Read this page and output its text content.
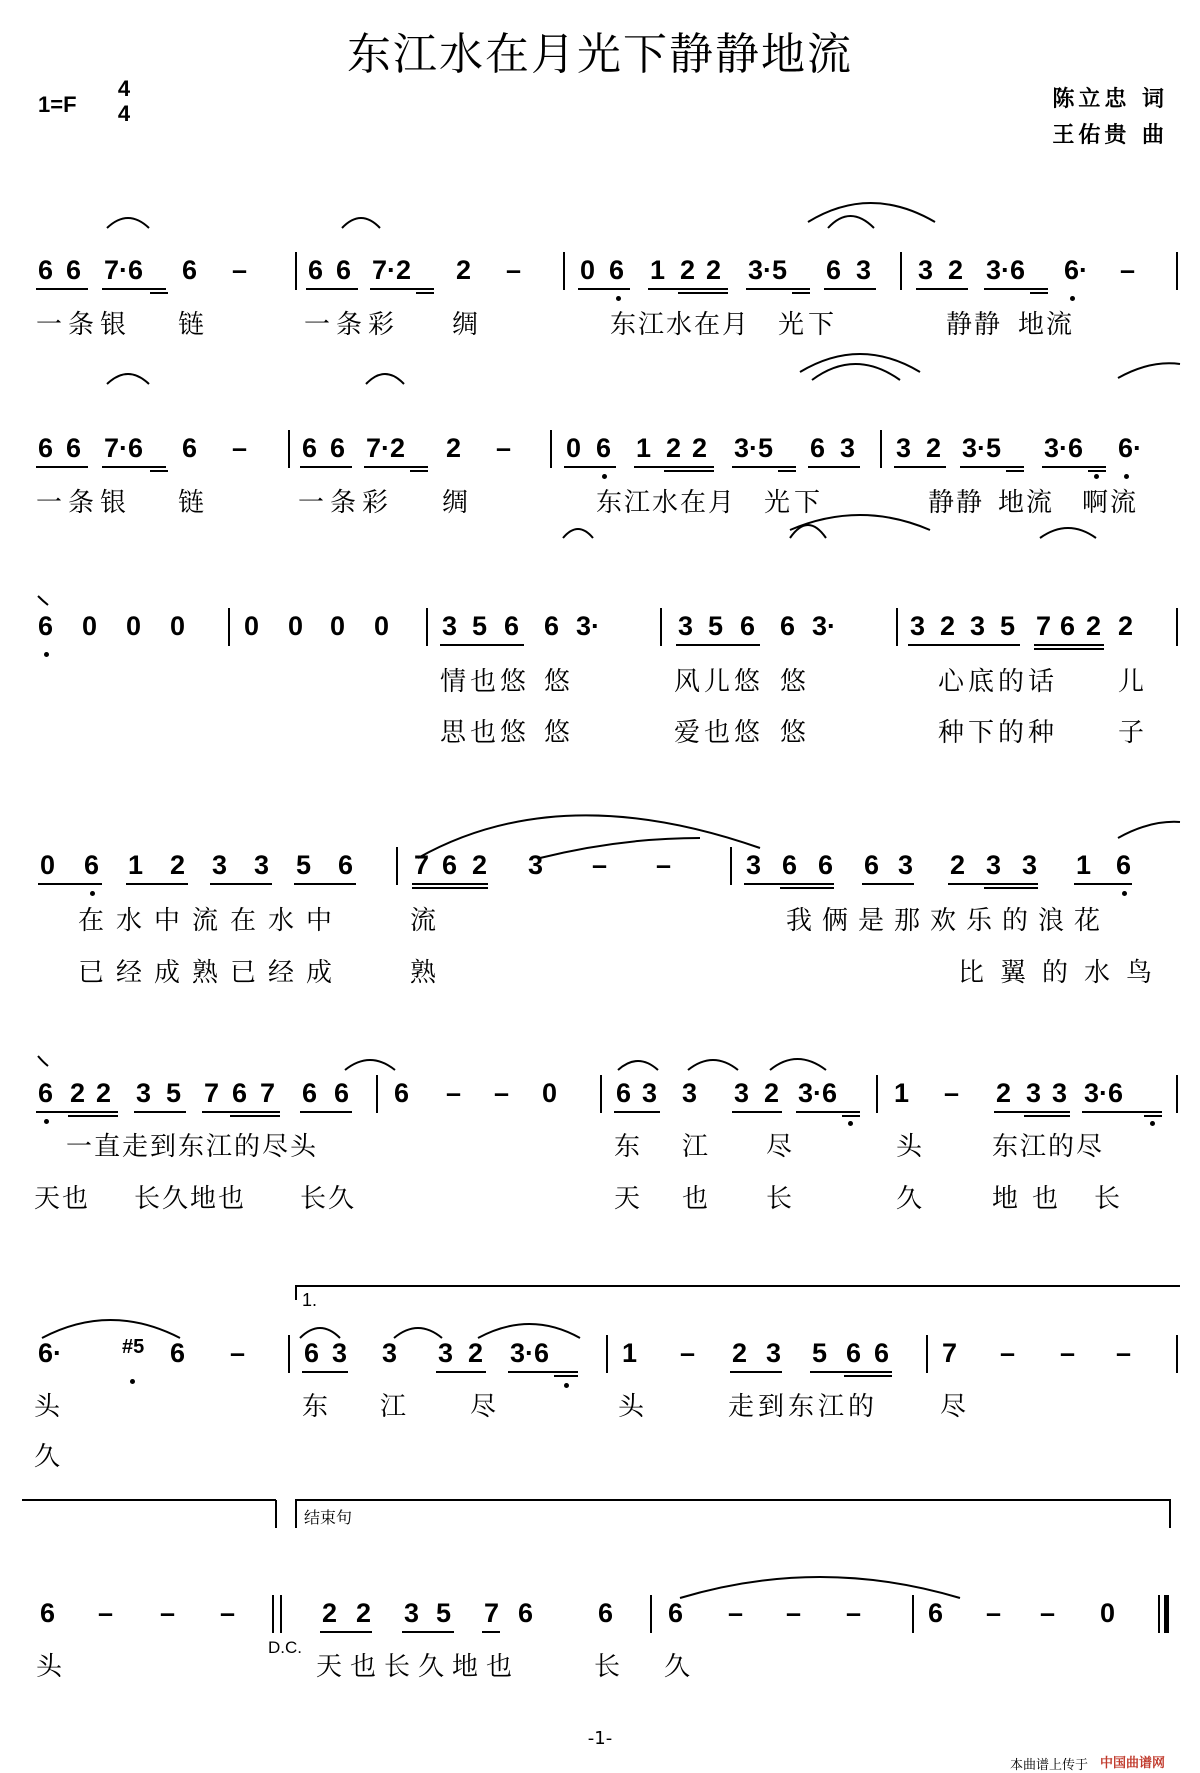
东江水在月光下静静地流
1=F
4
4
陈立忠 词
王佑贵 曲
6 6 7·6 6 – 6 6 7·2 2 – 0 6 1 2 2 3·5 6 3 3 2 3·6 6· –
一条银 链	一条彩 绸	东江水在月 光下	静静 地流
6 6 7·6 6 – 6 6 7·2 2 – 0 6 1 2 2 3·5 6 3 3 2 3·5 3·6 6·
一条银 链	一条彩 绸	东江水在月 光下	静静 地流 啊流
6 0 0 0 0 0 0 0 3 5 6 6 3·	3 5 6 6 3·	3 2 3 5 7 6 2 2
情也悠 悠	风儿悠 悠	心底的话 儿
思也悠 悠	爱也悠 悠	种下的种 子
0 6 1 2 3 3 5 6 7 6 2 3 – –	3 6 6 6 3 2 3 3 1 6
在水中流在水中	流	我俩是那欢乐的浪花
已经成熟已经成	熟	比翼的水鸟
6 2 2 3 5 7 6 7 6 6 6 – – 0 6 3 3 3 2 3·6 1 – 2 3 3 3·6
一直走到东江的尽头	东 江 尽	头	东江的尽
天也 长久地也 长久	天 也 长	久	地也 长
1.
6·	#5 6 – 6 3 3 3 2 3·6	1 – 2 3 5 6 6 7 – – –
头	东 江 尽	头	走到东江的 尽
久
结束句
6 – – –
D.C.
2 2 3 5 7 6 6 6 – – – 6 – – 0
头	天也长久地也	长 久
-1-
本曲谱上传于 中国曲谱网
